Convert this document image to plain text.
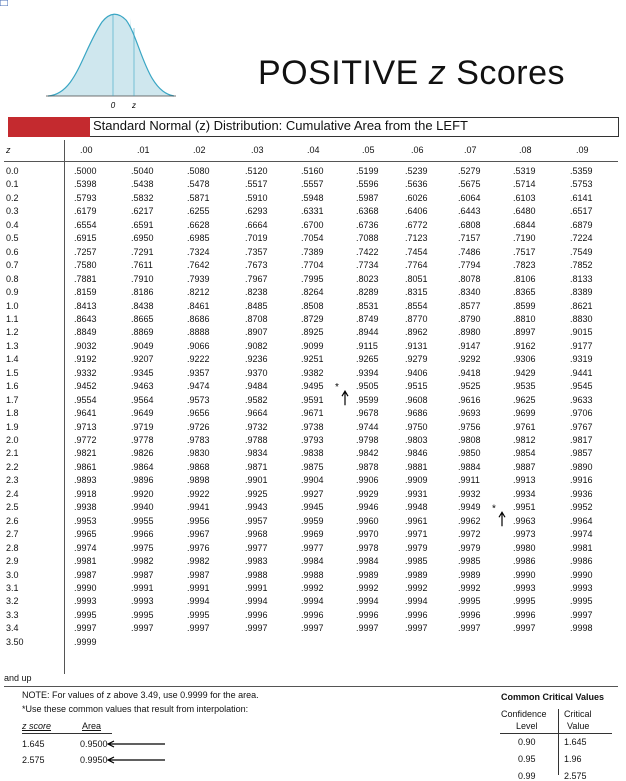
0 z
POSITIVE z Scores
Standard Normal (z) Distribution: Cumulative Area from the LEFT
z	.00	.01	.02	.03	.04	.05	.06	.07	.08	.09
0.0	.5000	.5040	.5080	.5120	.5160	.5199	.5239	.5279	.5319	.5359
0.1	.5398	.5438	.5478	.5517	.5557	.5596	.5636	.5675	.5714	.5753
0.2	.5793	.5832	.5871	.5910	.5948	.5987	.6026	.6064	.6103	.6141
0.3	.6179	.6217	.6255	.6293	.6331	.6368	.6406	.6443	.6480	.6517
0.4	.6554	.6591	.6628	.6664	.6700	.6736	.6772	.6808	.6844	.6879
0.5	.6915	.6950	.6985	.7019	.7054	.7088	.7123	.7157	.7190	.7224
0.6	.7257	.7291	.7324	.7357	.7389	.7422	.7454	.7486	.7517	.7549
0.7	.7580	.7611	.7642	.7673	.7704	.7734	.7764	.7794	.7823	.7852
0.8	.7881	.7910	.7939	.7967	.7995	.8023	.8051	.8078	.8106	.8133
0.9	.8159	.8186	.8212	.8238	.8264	.8289	.8315	.8340	.8365	.8389
1.0	.8413	.8438	.8461	.8485	.8508	.8531	.8554	.8577	.8599	.8621
1.1	.8643	.8665	.8686	.8708	.8729	.8749	.8770	.8790	.8810	.8830
1.2	.8849	.8869	.8888	.8907	.8925	.8944	.8962	.8980	.8997	.9015
1.3	.9032	.9049	.9066	.9082	.9099	.9115	.9131	.9147	.9162	.9177
1.4	.9192	.9207	.9222	.9236	.9251	.9265	.9279	.9292	.9306	.9319
1.5	.9332	.9345	.9357	.9370	.9382	.9394	.9406	.9418	.9429	.9441
1.6	.9452	.9463	.9474	.9484	.9495	.9505	.9515	.9525	.9535	.9545
1.7	.9554	.9564	.9573	.9582	.9591	.9599	.9608	.9616	.9625	.9633
1.8	.9641	.9649	.9656	.9664	.9671	.9678	.9686	.9693	.9699	.9706
1.9	.9713	.9719	.9726	.9732	.9738	.9744	.9750	.9756	.9761	.9767
2.0	.9772	.9778	.9783	.9788	.9793	.9798	.9803	.9808	.9812	.9817
2.1	.9821	.9826	.9830	.9834	.9838	.9842	.9846	.9850	.9854	.9857
2.2	.9861	.9864	.9868	.9871	.9875	.9878	.9881	.9884	.9887	.9890
2.3	.9893	.9896	.9898	.9901	.9904	.9906	.9909	.9911	.9913	.9916
2.4	.9918	.9920	.9922	.9925	.9927	.9929	.9931	.9932	.9934	.9936
2.5	.9938	.9940	.9941	.9943	.9945	.9946	.9948	.9949	.9951	.9952
2.6	.9953	.9955	.9956	.9957	.9959	.9960	.9961	.9962	.9963	.9964
2.7	.9965	.9966	.9967	.9968	.9969	.9970	.9971	.9972	.9973	.9974
2.8	.9974	.9975	.9976	.9977	.9977	.9978	.9979	.9979	.9980	.9981
2.9	.9981	.9982	.9982	.9983	.9984	.9984	.9985	.9985	.9986	.9986
3.0	.9987	.9987	.9987	.9988	.9988	.9989	.9989	.9989	.9990	.9990
3.1	.9990	.9991	.9991	.9991	.9992	.9992	.9992	.9992	.9993	.9993
3.2	.9993	.9993	.9994	.9994	.9994	.9994	.9994	.9995	.9995	.9995
3.3	.9995	.9995	.9995	.9996	.9996	.9996	.9996	.9996	.9996	.9997
3.4	.9997	.9997	.9997	.9997	.9997	.9997	.9997	.9997	.9997	.9998
3.50	.9999
and up
NOTE: For values of z above 3.49, use 0.9999 for the area.
*Use these common values that result from interpolation:
z score	Area
1.645	0.9500
2.575	0.9950
Common Critical Values
Confidence
Level
Critical
Value
0.90	1.645
0.95	1.96
0.99	2.575
*
*
